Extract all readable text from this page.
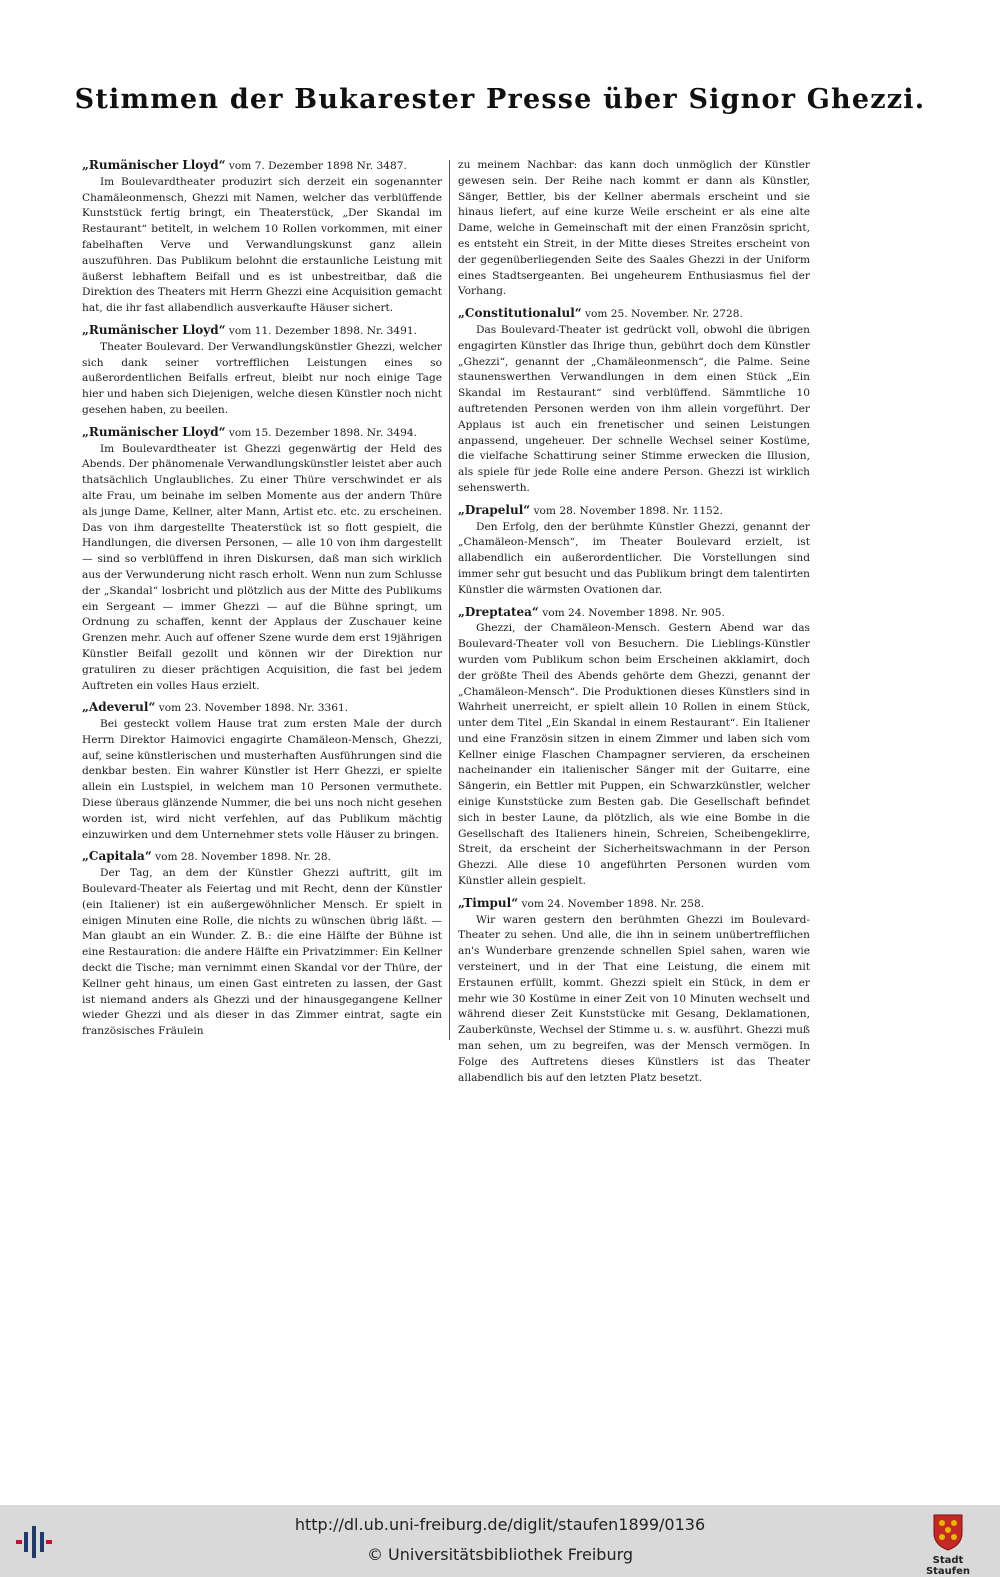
Stimmen der Bukarester Presse über Signor Ghezzi.
„Rumänischer Lloyd“ vom 7. Dezember 1898 Nr. 3487.
Im Boulevardtheater produzirt sich derzeit ein sogenannter Chamäleonmensch, Ghezzi mit Namen, welcher das verblüffende Kunststück fertig bringt, ein Theaterstück, „Der Skandal im Restaurant“ betitelt, in welchem 10 Rollen vorkommen, mit einer fabelhaften Verve und Verwandlungskunst ganz allein auszuführen. Das Publikum belohnt die erstaunliche Leistung mit äußerst lebhaftem Beifall und es ist unbestreitbar, daß die Direktion des Theaters mit Herrn Ghezzi eine Acquisition gemacht hat, die ihr fast allabendlich ausverkaufte Häuser sichert.
„Rumänischer Lloyd“ vom 11. Dezember 1898. Nr. 3491.
Theater Boulevard. Der Verwandlungskünstler Ghezzi, welcher sich dank seiner vortrefflichen Leistungen eines so außerordentlichen Beifalls erfreut, bleibt nur noch einige Tage hier und haben sich Diejenigen, welche diesen Künstler noch nicht gesehen haben, zu beeilen.
„Rumänischer Lloyd“ vom 15. Dezember 1898. Nr. 3494.
Im Boulevardtheater ist Ghezzi gegenwärtig der Held des Abends. Der phänomenale Verwandlungskünstler leistet aber auch thatsächlich Unglaubliches. Zu einer Thüre verschwindet er als alte Frau, um beinahe im selben Momente aus der andern Thüre als junge Dame, Kellner, alter Mann, Artist etc. etc. zu erscheinen. Das von ihm dargestellte Theaterstück ist so flott gespielt, die Handlungen, die diversen Personen, — alle 10 von ihm dargestellt — sind so verblüffend in ihren Diskursen, daß man sich wirklich aus der Verwunderung nicht rasch erholt. Wenn nun zum Schlusse der „Skandal“ losbricht und plötzlich aus der Mitte des Publikums ein Sergeant — immer Ghezzi — auf die Bühne springt, um Ordnung zu schaffen, kennt der Applaus der Zuschauer keine Grenzen mehr. Auch auf offener Szene wurde dem erst 19jährigen Künstler Beifall gezollt und können wir der Direktion nur gratuliren zu dieser prächtigen Acquisition, die fast bei jedem Auftreten ein volles Haus erzielt.
„Adeverul“ vom 23. November 1898. Nr. 3361.
Bei gesteckt vollem Hause trat zum ersten Male der durch Herrn Direktor Haimovici engagirte Chamäleon-Mensch, Ghezzi, auf, seine künstlerischen und musterhaften Ausführungen sind die denkbar besten. Ein wahrer Künstler ist Herr Ghezzi, er spielte allein ein Lustspiel, in welchem man 10 Personen vermuthete. Diese überaus glänzende Nummer, die bei uns noch nicht gesehen worden ist, wird nicht verfehlen, auf das Publikum mächtig einzuwirken und dem Unternehmer stets volle Häuser zu bringen.
„Capitala“ vom 28. November 1898. Nr. 28.
Der Tag, an dem der Künstler Ghezzi auftritt, gilt im Boulevard-Theater als Feiertag und mit Recht, denn der Künstler (ein Italiener) ist ein außergewöhnlicher Mensch. Er spielt in einigen Minuten eine Rolle, die nichts zu wünschen übrig läßt. — Man glaubt an ein Wunder. Z. B.: die eine Hälfte der Bühne ist eine Restauration: die andere Hälfte ein Privatzimmer: Ein Kellner deckt die Tische; man vernimmt einen Skandal vor der Thüre, der Kellner geht hinaus, um einen Gast eintreten zu lassen, der Gast ist niemand anders als Ghezzi und der hinausgegangene Kellner wieder Ghezzi und als dieser in das Zimmer eintrat, sagte ein französisches Fräulein
zu meinem Nachbar: das kann doch unmöglich der Künstler gewesen sein. Der Reihe nach kommt er dann als Künstler, Sänger, Bettler, bis der Kellner abermals erscheint und sie hinaus liefert, auf eine kurze Weile erscheint er als eine alte Dame, welche in Gemeinschaft mit der einen Französin spricht, es entsteht ein Streit, in der Mitte dieses Streites erscheint von der gegenüberliegenden Seite des Saales Ghezzi in der Uniform eines Stadtsergeanten. Bei ungeheurem Enthusiasmus fiel der Vorhang.
„Constitutionalul“ vom 25. November. Nr. 2728.
Das Boulevard-Theater ist gedrückt voll, obwohl die übrigen engagirten Künstler das Ihrige thun, gebührt doch dem Künstler „Ghezzi“, genannt der „Chamäleonmensch“, die Palme. Seine staunenswerthen Verwandlungen in dem einen Stück „Ein Skandal im Restaurant“ sind verblüffend. Sämmtliche 10 auftretenden Personen werden von ihm allein vorgeführt. Der Applaus ist auch ein frenetischer und seinen Leistungen anpassend, ungeheuer. Der schnelle Wechsel seiner Kostüme, die vielfache Schattirung seiner Stimme erwecken die Illusion, als spiele für jede Rolle eine andere Person. Ghezzi ist wirklich sehenswerth.
„Drapelul“ vom 28. November 1898. Nr. 1152.
Den Erfolg, den der berühmte Künstler Ghezzi, genannt der „Chamäleon-Mensch“, im Theater Boulevard erzielt, ist allabendlich ein außerordentlicher. Die Vorstellungen sind immer sehr gut besucht und das Publikum bringt dem talentirten Künstler die wärmsten Ovationen dar.
„Dreptatea“ vom 24. November 1898. Nr. 905.
Ghezzi, der Chamäleon-Mensch. Gestern Abend war das Boulevard-Theater voll von Besuchern. Die Lieblings-Künstler wurden vom Publikum schon beim Erscheinen akklamirt, doch der größte Theil des Abends gehörte dem Ghezzi, genannt der „Chamäleon-Mensch“. Die Produktionen dieses Künstlers sind in Wahrheit unerreicht, er spielt allein 10 Rollen in einem Stück, unter dem Titel „Ein Skandal in einem Restaurant“. Ein Italiener und eine Französin sitzen in einem Zimmer und laben sich vom Kellner einige Flaschen Champagner servieren, da erscheinen nacheinander ein italienischer Sänger mit der Guitarre, eine Sängerin, ein Bettler mit Puppen, ein Schwarzkünstler, welcher einige Kunststücke zum Besten gab. Die Gesellschaft befindet sich in bester Laune, da plötzlich, als wie eine Bombe in die Gesellschaft des Italieners hinein, Schreien, Scheibengeklirre, Streit, da erscheint der Sicherheitswachmann in der Person Ghezzi. Alle diese 10 angeführten Personen wurden vom Künstler allein gespielt.
„Timpul“ vom 24. November 1898. Nr. 258.
Wir waren gestern den berühmten Ghezzi im Boulevard-Theater zu sehen. Und alle, die ihn in seinem unübertrefflichen an's Wunderbare grenzende schnellen Spiel sahen, waren wie versteinert, und in der That eine Leistung, die einem mit Erstaunen erfüllt, kommt. Ghezzi spielt ein Stück, in dem er mehr wie 30 Kostüme in einer Zeit von 10 Minuten wechselt und während dieser Zeit Kunststücke mit Gesang, Deklamationen, Zauberkünste, Wechsel der Stimme u. s. w. ausführt. Ghezzi muß man sehen, um zu begreifen, was der Mensch vermögen. In Folge des Auftretens dieses Künstlers ist das Theater allabendlich bis auf den letzten Platz besetzt.
http://dl.ub.uni-freiburg.de/diglit/staufen1899/0136
© Universitätsbibliothek Freiburg	Stadt Staufen
